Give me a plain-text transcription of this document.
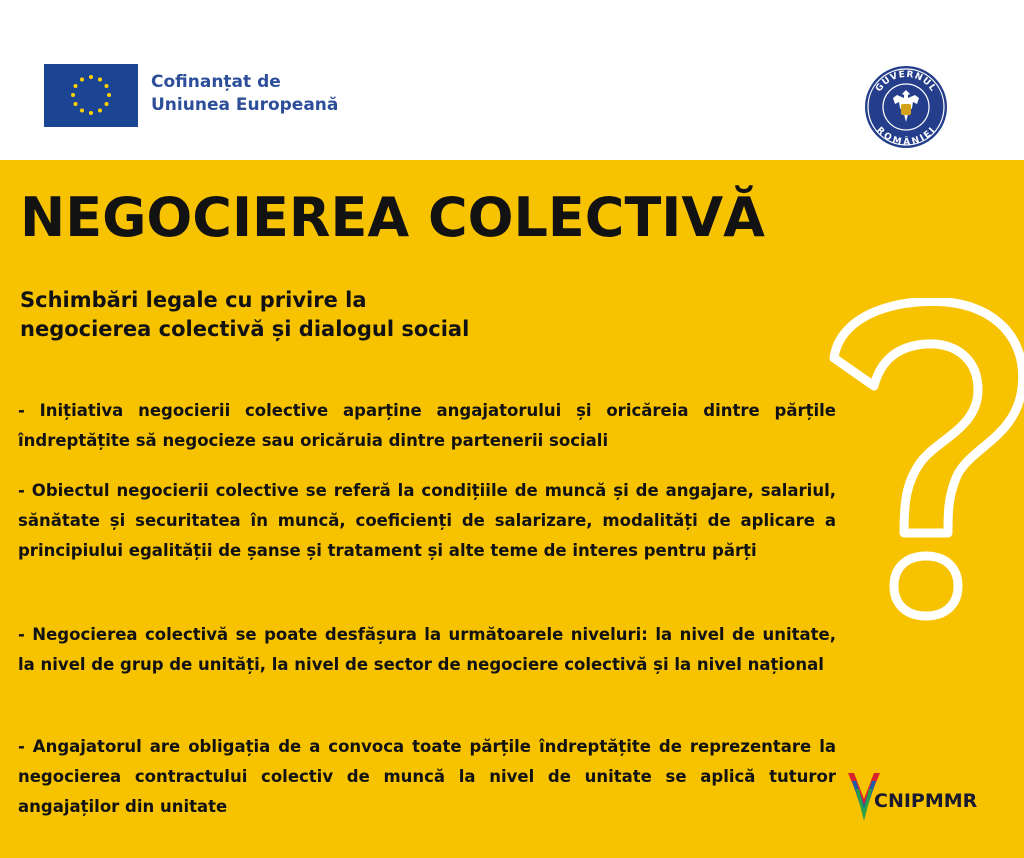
Cofinanțat de
Uniunea Europeană
GUVERNUL
ROMÂNIEI
NEGOCIEREA COLECTIVĂ
Schimbări legale cu privire la
negocierea colectivă și dialogul social

- Inițiativa negocierii colective aparține angajatorului și oricăreia dintre părțile îndreptățite să negocieze sau oricăruia dintre partenerii sociali

- Obiectul negocierii colective se referă la condițiile de muncă și de angajare, salariul, sănătate și securitatea în muncă, coeficienți de salarizare, modalități de aplicare a principiului egalității de șanse și tratament și alte teme de interes pentru părți

- Negocierea colectivă se poate desfășura la următoarele niveluri: la nivel de unitate, la nivel de grup de unități, la nivel de sector de negociere colectivă și la nivel național

- Angajatorul are obligația de a convoca toate părțile îndreptățite de reprezentare la negocierea contractului colectiv de muncă la nivel de unitate se aplică tuturor angajaților din unitate	CNIPMMR
